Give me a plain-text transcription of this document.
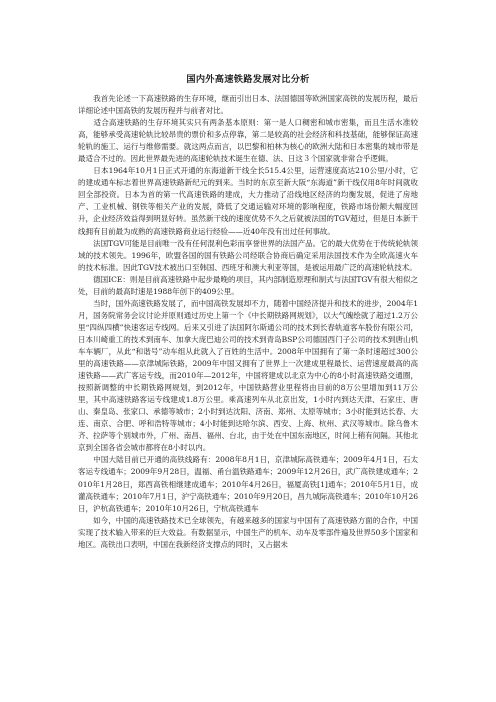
国内外高速铁路发展对比分析

　　我首先论述一下高速铁路的生存环境，继而引出日本、法国德国等欧洲国家高铁的发展历程，最后详细论述中国高铁的发展历程并与前者对比。

　　适合高速铁路的生存环境其实只有两条基本原则：第一是人口稠密和城市密集，而且生活水准较高，能够承受高速轮轨比较昂贵的票价和多点停靠，第二是较高的社会经济和科技基础，能够保证高速轮轨的施工、运行与维修需要。就这两点而言，以巴黎和柏林为核心的欧洲大陆和日本密集的城市带是最适合不过的。因此世界最先进的高速轮轨技术诞生在德、法、日这３个国家就非常合乎逻辑。

　　日本1964年10月1日正式开通的东海道新干线全长515.4公里，运营速度高达210公里/小时，它的建成通车标志着世界高速铁路新纪元的到来。当时的东京至新大阪“东海道”新干线仅用8年时间就收回全部投资。日本为首的第一代高速铁路的建成，大力推动了沿线地区经济的均衡发展，促进了房地产、工业机械、钢铁等相关产业的发展，降低了交通运输对环境的影响程度，铁路市场份额大幅度回升，企业经济效益得到明显好转。虽然新干线的速度优势不久之后就被法国的TGV超过，但是日本新干线拥有目前最为成熟的高速铁路商业运行经验——近40年没有出过任何事故。

　　法国TGV可能是目前唯一没有任何混利色彩而享誉世界的法国产品。它的最大优势在于传统轮轨领域的技术领先。1996年，欧盟各国的国有铁路公司经联合协商后确定采用法国技术作为全欧高速火车的技术标准。因此TGV技术被出口至韩国、西班牙和澳大利亚等国，是被运用最广泛的高速轮轨技术。

　　德国ICE：则是目前高速铁路中起步最晚的项目，其内部制造原理和制式与法国TGV有很大相似之处，目前的最高时速是1988年创下的409公里。

　　当时，国外高速铁路发展了，而中国高铁发展却不力，随着中国经济提升和技术的进步，2004年1月，国务院常务会议讨论并原则通过历史上第一个《中长期铁路网规划》，以大气魄绘就了超过1.2万公里“四纵四横”快速客运专线网。后来又引进了法国阿尔斯通公司的技术到长春轨道客车股份有限公司，日本川崎重工的技术到南车、加拿大庞巴迪公司的技术到青岛BSP公司德国西门子公司的技术到唐山机车车辆厂，从此“和谐号”动车组从此就入了百姓的生活中。2008年中国拥有了第一条时速超过300公里的高速铁路——京津城际铁路，2009年中国又拥有了世界上一次建成里程最长、运营速度最高的高速铁路——武广客运专线，而2010年—2012年，中国将建成以北京为中心的8小时高速铁路交通圈，按照新调整的中长期铁路网规划，到2012年，中国铁路营业里程将由目前的8万公里增加到11万公里，其中高速铁路客运专线建成1.8万公里。乘高速列车从北京出发，1小时内到达天津、石家庄、唐山、秦皇岛、张家口、承德等城市；2小时到达沈阳、济南、郑州、太原等城市；3小时能到达长春、大连、南京、合肥、呼和浩特等城市；4小时能到达哈尔滨、西安、上海、杭州、武汉等城市。除乌鲁木齐、拉萨等个别城市外，广州、南昌、福州、台北，由于处在中国东南地区，时间上稍有间隔。其他北京到全国各省会城市都将在8小时以内。

　　中国大陆目前已开通的高铁线路有：2008年8月1日，京津城际高铁通车；2009年4月1日，石太客运专线通车；2009年9月28日，温福、甬台温铁路通车；2009年12月26日，武广高铁建成通车；2010年1月28日，郑西高铁相继建成通车；2010年4月26日，福厦高铁[1]通车；2010年5月1日，成灌高铁通车；2010年7月1日，沪宁高铁通车；2010年9月20日，昌九城际高铁通车；2010年10月26日，沪杭高铁通车；2010年10月26日，宁杭高铁通车

　　如今，中国的高速铁路技术已全球领先，有越来越多的国家与中国有了高速铁路方面的合作，中国实现了技术输入带来的巨大效益。有数据显示，中国生产的机车、动车及零部件遍及世界50多个国家和地区。高铁出口表明，中国在我新经济支撑点的同时，又占据未
